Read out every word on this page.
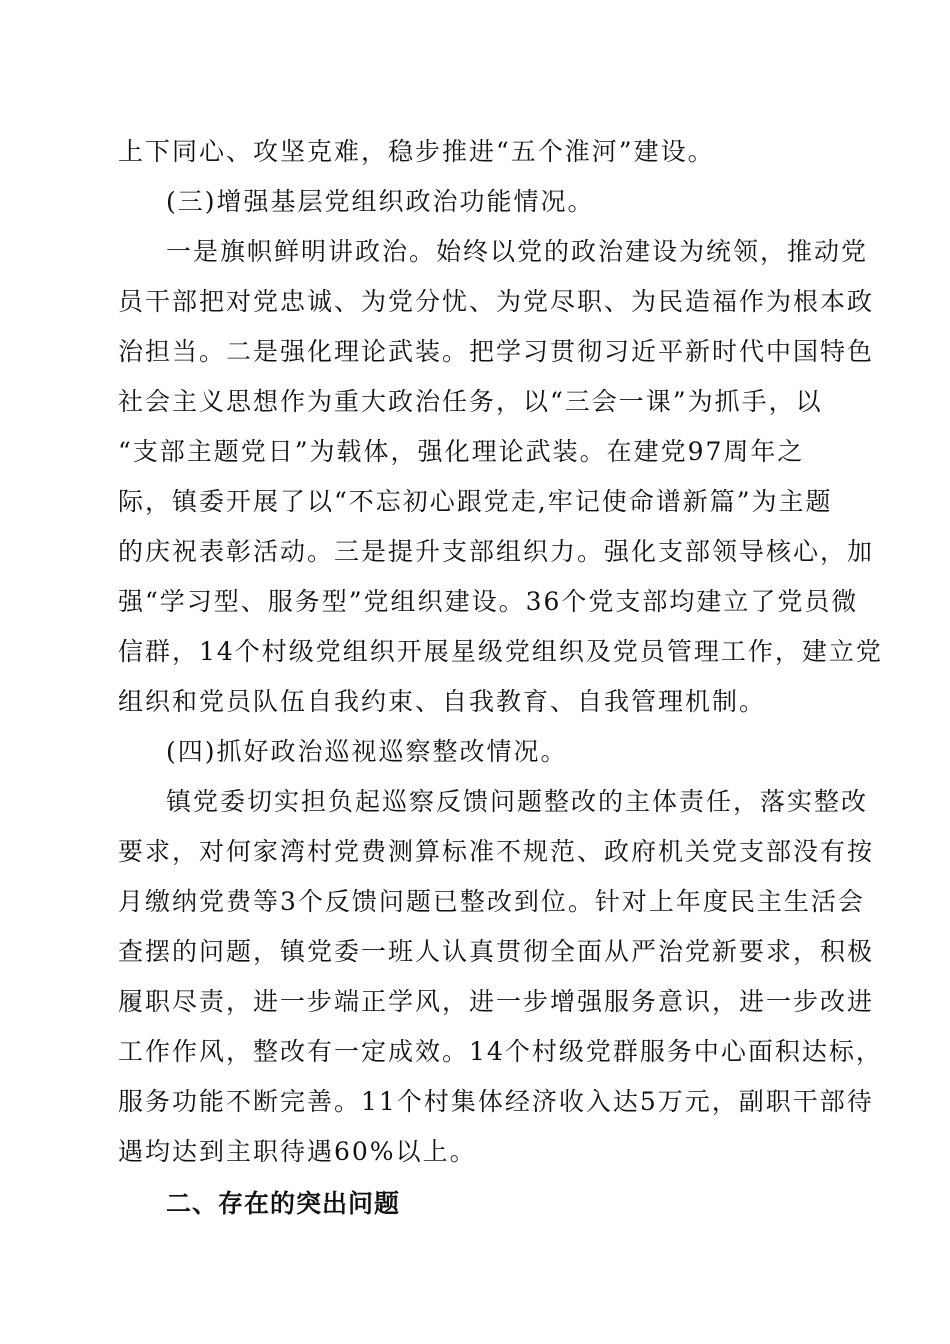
上下同心、攻坚克难，稳步推进“五个淮河”建设。
(三)增强基层党组织政治功能情况。
一是旗帜鲜明讲政治。始终以党的政治建设为统领，推动党
员干部把对党忠诚、为党分忧、为党尽职、为民造福作为根本政
治担当。二是强化理论武装。把学习贯彻习近平新时代中国特色
社会主义思想作为重大政治任务，以“三会一课”为抓手，以
“支部主题党日”为载体，强化理论武装。在建党97周年之
际，镇委开展了以“不忘初心跟党走,牢记使命谱新篇”为主题
的庆祝表彰活动。三是提升支部组织力。强化支部领导核心，加
强“学习型、服务型”党组织建设。36个党支部均建立了党员微
信群，14个村级党组织开展星级党组织及党员管理工作，建立党
组织和党员队伍自我约束、自我教育、自我管理机制。
(四)抓好政治巡视巡察整改情况。
镇党委切实担负起巡察反馈问题整改的主体责任，落实整改
要求，对何家湾村党费测算标准不规范、政府机关党支部没有按
月缴纳党费等3个反馈问题已整改到位。针对上年度民主生活会
查摆的问题，镇党委一班人认真贯彻全面从严治党新要求，积极
履职尽责，进一步端正学风，进一步增强服务意识，进一步改进
工作作风，整改有一定成效。14个村级党群服务中心面积达标，
服务功能不断完善。11个村集体经济收入达5万元，副职干部待
遇均达到主职待遇60%以上。
二、存在的突出问题
